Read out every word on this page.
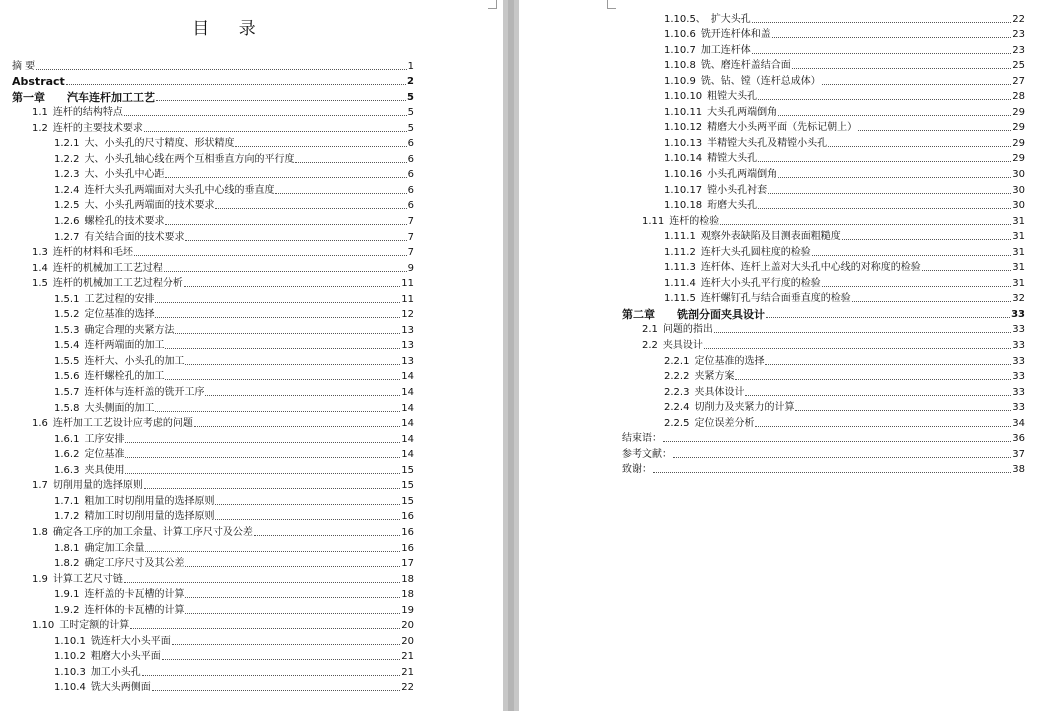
目 录
摘 要	1
Abstract	2
第一章	汽车连杆加工工艺	5
1.1 连杆的结构特点	5
1.2 连杆的主要技术要求	5
1.2.1 大、小头孔的尺寸精度、形状精度	6
1.2.2 大、小头孔轴心线在两个互相垂直方向的平行度	6
1.2.3 大、小头孔中心距	6
1.2.4 连杆大头孔两端面对大头孔中心线的垂直度	6
1.2.5 大、小头孔两端面的技术要求	6
1.2.6 螺栓孔的技术要求	7
1.2.7 有关结合面的技术要求	7
1.3 连杆的材料和毛坯	7
1.4 连杆的机械加工工艺过程	9
1.5 连杆的机械加工工艺过程分析	11
1.5.1 工艺过程的安排	11
1.5.2 定位基准的选择	12
1.5.3 确定合理的夹紧方法	13
1.5.4 连杆两端面的加工	13
1.5.5 连杆大、小头孔的加工	13
1.5.6 连杆螺栓孔的加工	14
1.5.7 连杆体与连杆盖的铣开工序	14
1.5.8 大头侧面的加工	14
1.6 连杆加工工艺设计应考虑的问题	14
1.6.1 工序安排	14
1.6.2 定位基准	14
1.6.3 夹具使用	15
1.7 切削用量的选择原则	15
1.7.1 粗加工时切削用量的选择原则	15
1.7.2 精加工时切削用量的选择原则	16
1.8 确定各工序的加工余量、计算工序尺寸及公差	16
1.8.1 确定加工余量	16
1.8.2 确定工序尺寸及其公差	17
1.9 计算工艺尺寸链	18
1.9.1 连杆盖的卡瓦槽的计算	18
1.9.2 连杆体的卡瓦槽的计算	19
1.10 工时定额的计算	20
1.10.1 铣连杆大小头平面	20
1.10.2 粗磨大小头平面	21
1.10.3 加工小头孔	21
1.10.4 铣大头两侧面	22
1.10.5、 扩大头孔	22
1.10.6 铣开连杆体和盖	23
1.10.7 加工连杆体	23
1.10.8 铣、磨连杆盖结合面	25
1.10.9 铣、钻、镗（连杆总成体）	27
1.10.10 粗镗大头孔	28
1.10.11 大头孔两端倒角	29
1.10.12 精磨大小头两平面（先标记朝上）	29
1.10.13 半精镗大头孔及精镗小头孔	29
1.10.14 精镗大头孔	29
1.10.16 小头孔两端倒角	30
1.10.17 镗小头孔衬套	30
1.10.18 珩磨大头孔	30
1.11 连杆的检验	31
1.11.1 观察外表缺陷及目测表面粗糙度	31
1.11.2 连杆大头孔圆柱度的检验	31
1.11.3 连杆体、连杆上盖对大头孔中心线的对称度的检验	31
1.11.4 连杆大小头孔平行度的检验	31
1.11.5 连杆螺钉孔与结合面垂直度的检验	32
第二章	铣剖分面夹具设计	33
2.1 问题的指出	33
2.2 夹具设计	33
2.2.1 定位基准的选择	33
2.2.2 夹紧方案	33
2.2.3 夹具体设计	33
2.2.4 切削力及夹紧力的计算	33
2.2.5 定位误差分析	34
结束语：	36
参考文献：	37
致谢：	38
